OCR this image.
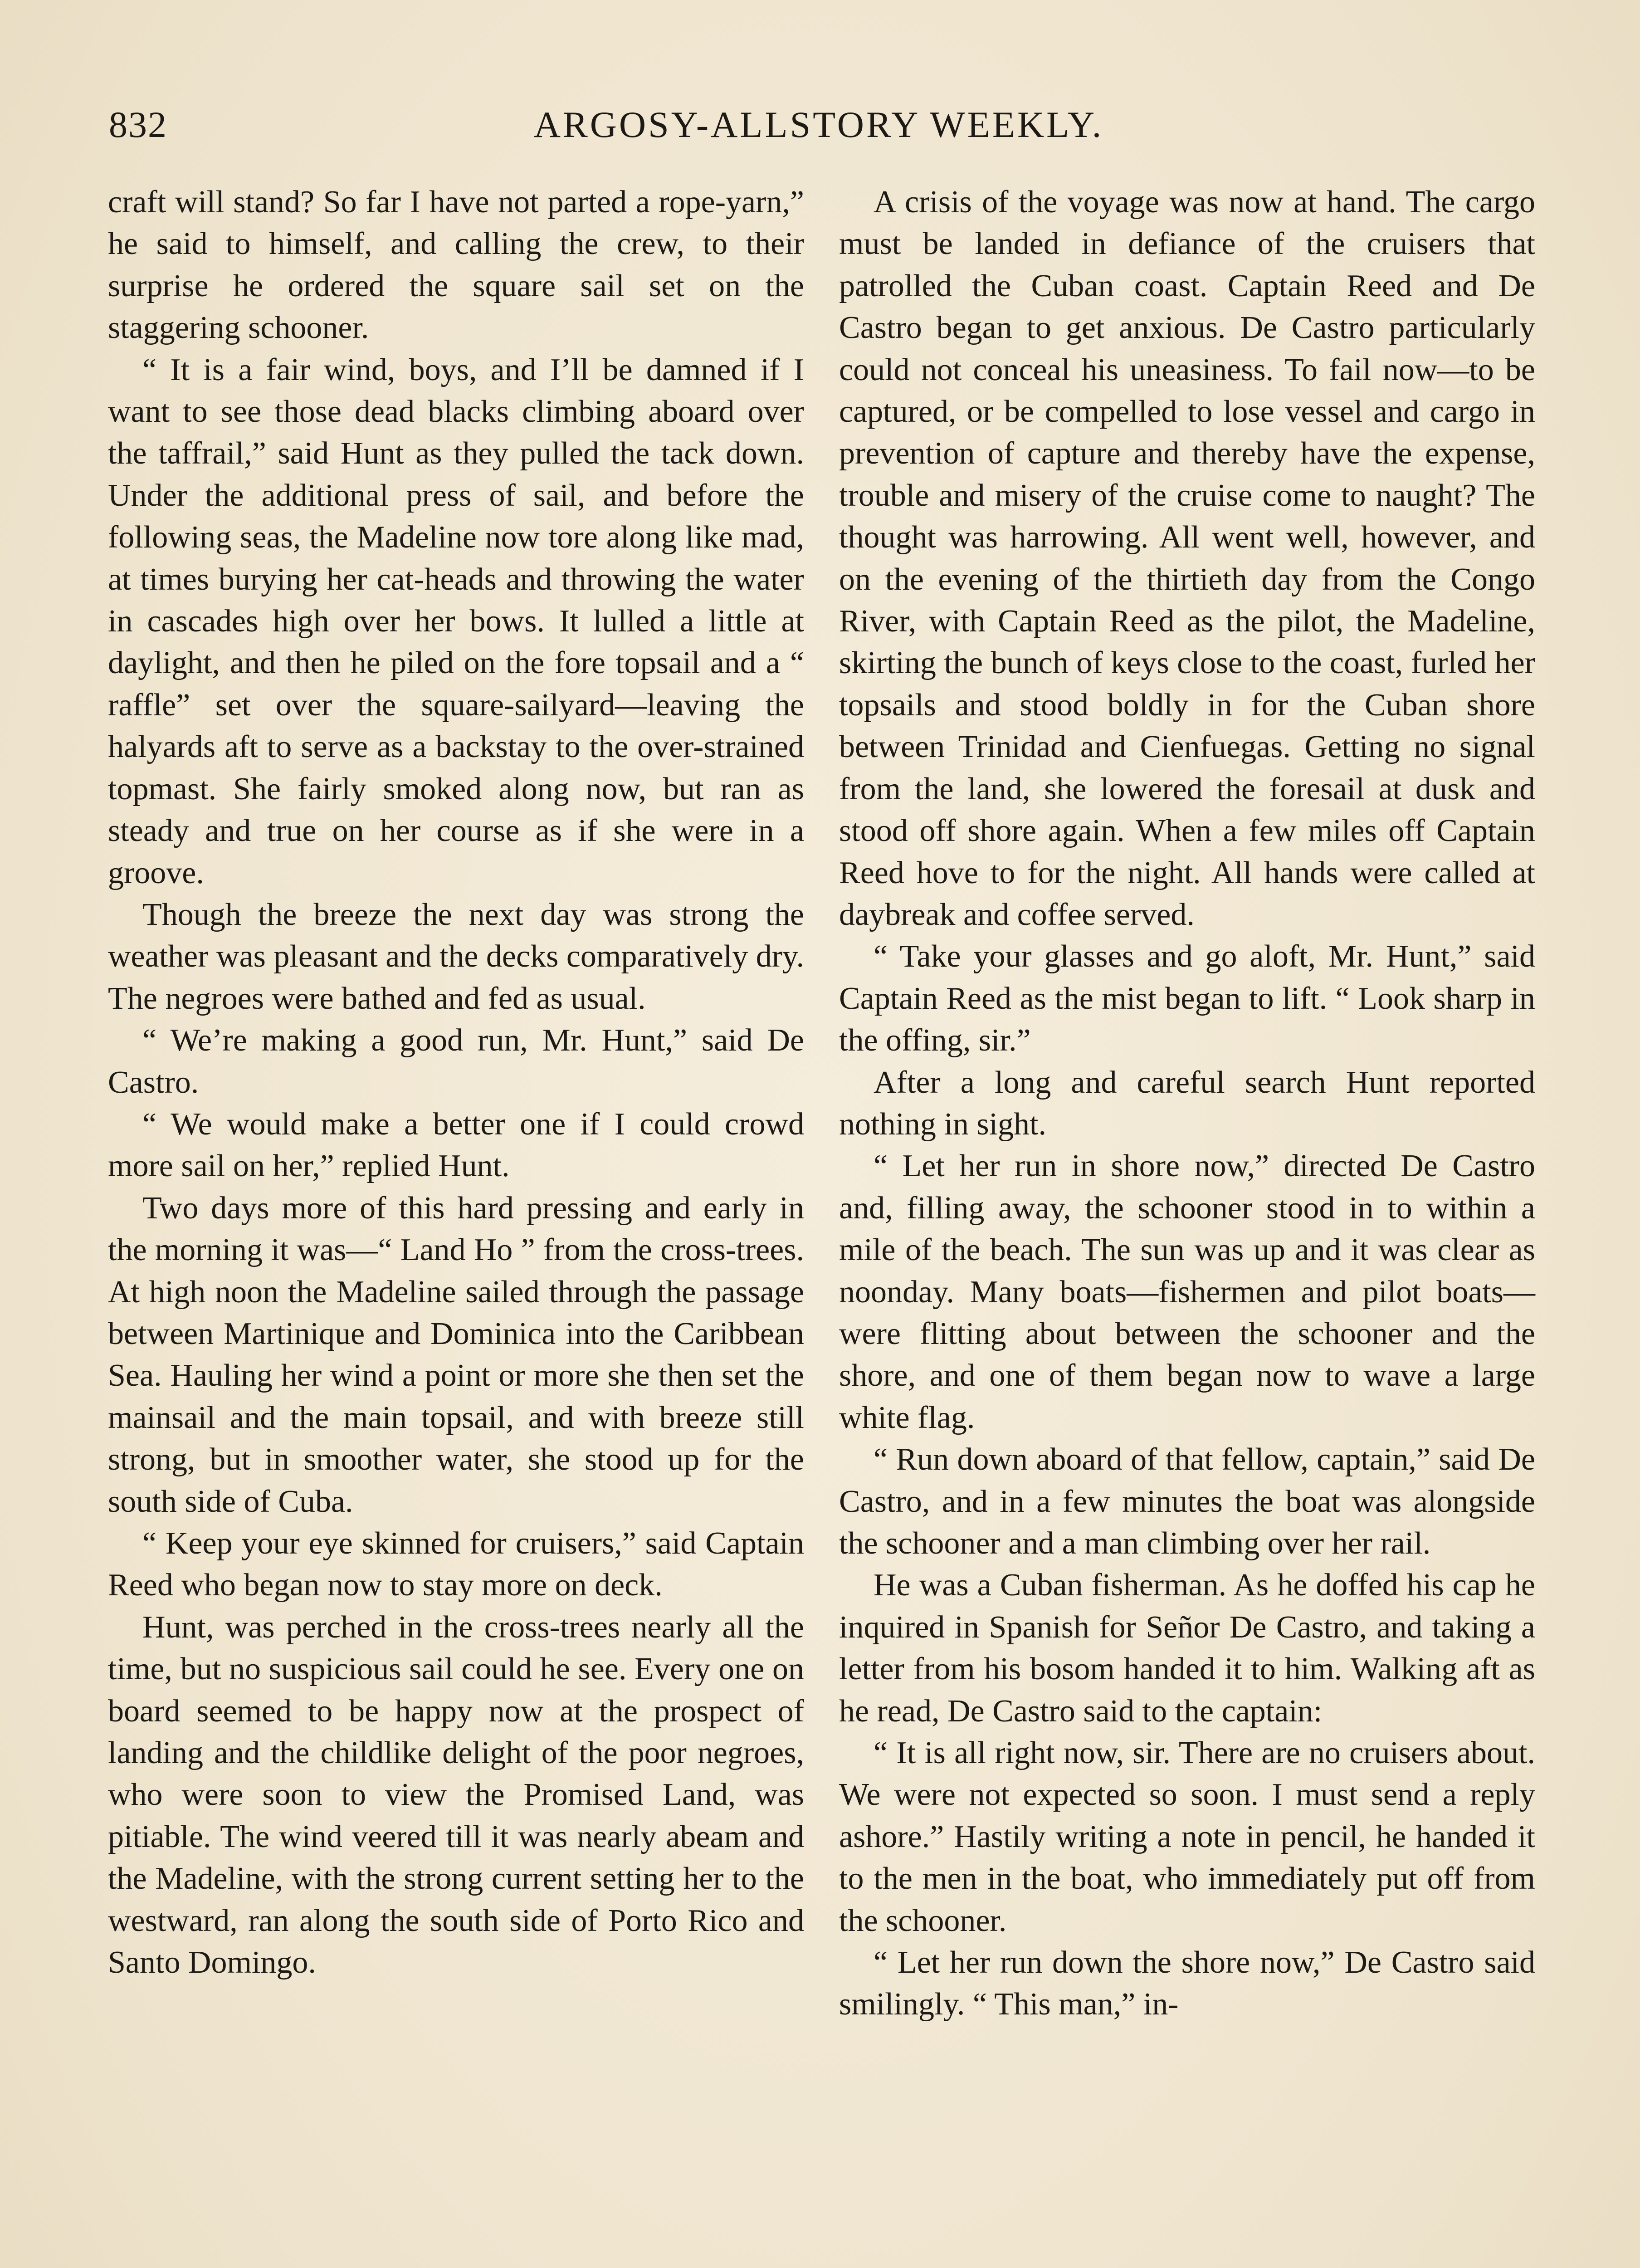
832	ARGOSY-ALLSTORY WEEKLY.

craft will stand? So far I have not parted a rope-yarn,” he said to himself, and calling the crew, to their surprise he ordered the square sail set on the staggering schooner.

“ It is a fair wind, boys, and I’ll be damned if I want to see those dead blacks climbing aboard over the taffrail,” said Hunt as they pulled the tack down. Under the additional press of sail, and before the following seas, the Madeline now tore along like mad, at times burying her cat-heads and throwing the water in cascades high over her bows. It lulled a little at daylight, and then he piled on the fore topsail and a “ raffle” set over the square-sailyard—leaving the halyards aft to serve as a backstay to the over-strained topmast. She fairly smoked along now, but ran as steady and true on her course as if she were in a groove.

Though the breeze the next day was strong the weather was pleasant and the decks comparatively dry. The negroes were bathed and fed as usual.

“ We’re making a good run, Mr. Hunt,” said De Castro.

“ We would make a better one if I could crowd more sail on her,” replied Hunt.

Two days more of this hard pressing and early in the morning it was—“ Land Ho ” from the cross-trees. At high noon the Madeline sailed through the passage between Martinique and Dominica into the Caribbean Sea. Hauling her wind a point or more she then set the mainsail and the main topsail, and with breeze still strong, but in smoother water, she stood up for the south side of Cuba.

“ Keep your eye skinned for cruisers,” said Captain Reed who began now to stay more on deck.

Hunt, was perched in the cross-trees nearly all the time, but no suspicious sail could he see. Every one on board seemed to be happy now at the prospect of landing and the childlike delight of the poor negroes, who were soon to view the Promised Land, was pitiable. The wind veered till it was nearly abeam and the Madeline, with the strong current setting her to the westward, ran along the south side of Porto Rico and Santo Domingo.

A crisis of the voyage was now at hand. The cargo must be landed in defiance of the cruisers that patrolled the Cuban coast. Captain Reed and De Castro began to get anxious. De Castro particularly could not conceal his uneasiness. To fail now—to be captured, or be compelled to lose vessel and cargo in prevention of capture and thereby have the expense, trouble and misery of the cruise come to naught? The thought was harrowing. All went well, however, and on the evening of the thirtieth day from the Congo River, with Captain Reed as the pilot, the Madeline, skirting the bunch of keys close to the coast, furled her topsails and stood boldly in for the Cuban shore between Trinidad and Cienfuegas. Getting no signal from the land, she lowered the foresail at dusk and stood off shore again. When a few miles off Captain Reed hove to for the night. All hands were called at daybreak and coffee served.

“ Take your glasses and go aloft, Mr. Hunt,” said Captain Reed as the mist began to lift. “ Look sharp in the offing, sir.”

After a long and careful search Hunt reported nothing in sight.

“ Let her run in shore now,” directed De Castro and, filling away, the schooner stood in to within a mile of the beach. The sun was up and it was clear as noonday. Many boats—fishermen and pilot boats—were flitting about between the schooner and the shore, and one of them began now to wave a large white flag.

“ Run down aboard of that fellow, captain,” said De Castro, and in a few minutes the boat was alongside the schooner and a man climbing over her rail.

He was a Cuban fisherman. As he doffed his cap he inquired in Spanish for Señor De Castro, and taking a letter from his bosom handed it to him. Walking aft as he read, De Castro said to the captain:

“ It is all right now, sir. There are no cruisers about. We were not expected so soon. I must send a reply ashore.” Hastily writing a note in pencil, he handed it to the men in the boat, who immediately put off from the schooner.

“ Let her run down the shore now,” De Castro said smilingly. “ This man,” in-
